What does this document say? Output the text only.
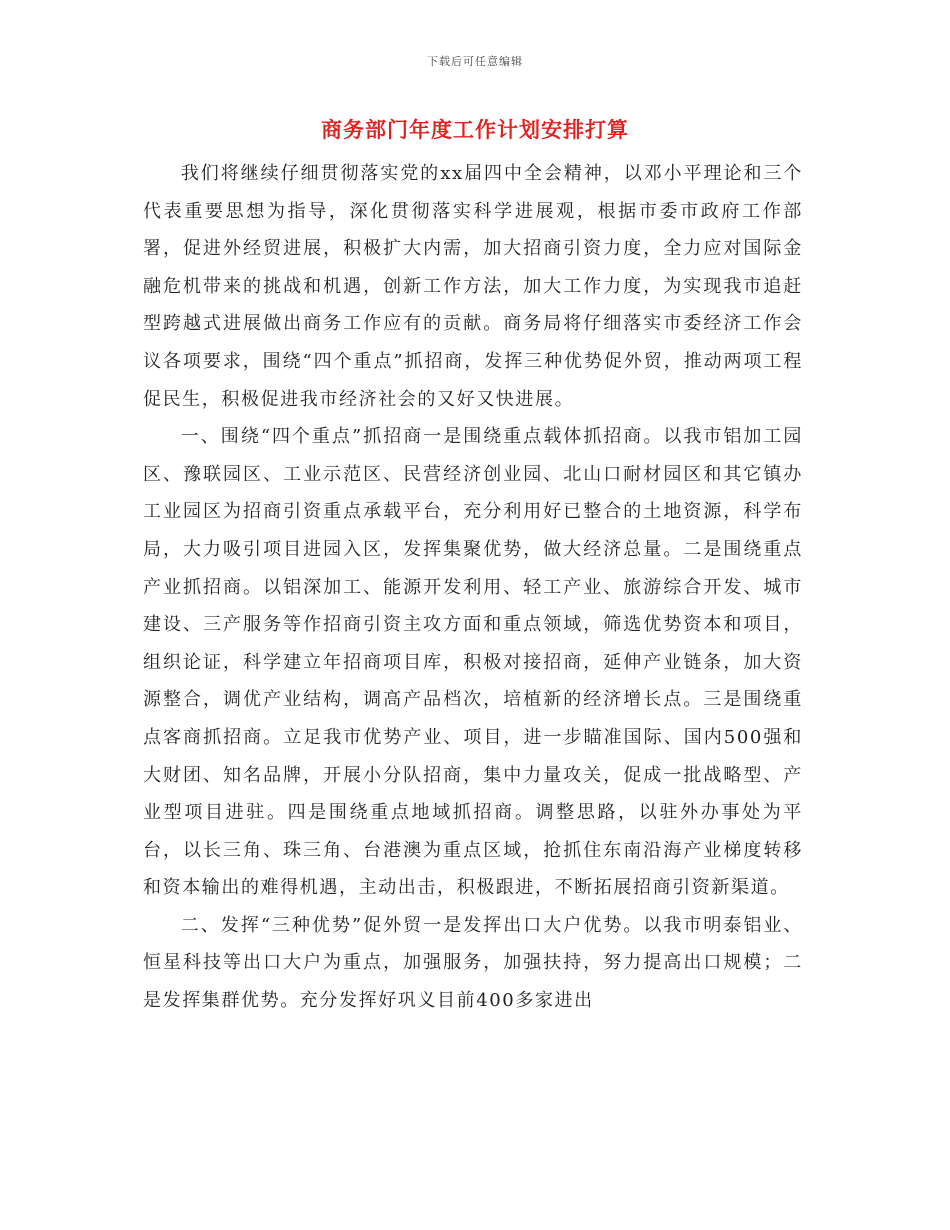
下载后可任意编辑
商务部门年度工作计划安排打算

我们将继续仔细贯彻落实党的xx届四中全会精神，以邓小平理论和三个代表重要思想为指导，深化贯彻落实科学进展观，根据市委市政府工作部署，促进外经贸进展，积极扩大内需，加大招商引资力度，全力应对国际金融危机带来的挑战和机遇，创新工作方法，加大工作力度，为实现我市追赶型跨越式进展做出商务工作应有的贡献。商务局将仔细落实市委经济工作会议各项要求，围绕“四个重点”抓招商，发挥三种优势促外贸，推动两项工程促民生，积极促进我市经济社会的又好又快进展。

一、围绕“四个重点”抓招商一是围绕重点载体抓招商。以我市铝加工园区、豫联园区、工业示范区、民营经济创业园、北山口耐材园区和其它镇办工业园区为招商引资重点承载平台，充分利用好已整合的土地资源，科学布局，大力吸引项目进园入区，发挥集聚优势，做大经济总量。二是围绕重点产业抓招商。以铝深加工、能源开发利用、轻工产业、旅游综合开发、城市建设、三产服务等作招商引资主攻方面和重点领域，筛选优势资本和项目，组织论证，科学建立年招商项目库，积极对接招商，延伸产业链条，加大资源整合，调优产业结构，调高产品档次，培植新的经济增长点。三是围绕重点客商抓招商。立足我市优势产业、项目，进一步瞄准国际、国内500强和大财团、知名品牌，开展小分队招商，集中力量攻关，促成一批战略型、产业型项目进驻。四是围绕重点地域抓招商。调整思路，以驻外办事处为平台，以长三角、珠三角、台港澳为重点区域，抢抓住东南沿海产业梯度转移和资本输出的难得机遇，主动出击，积极跟进，不断拓展招商引资新渠道。

二、发挥“三种优势”促外贸一是发挥出口大户优势。以我市明泰铝业、恒星科技等出口大户为重点，加强服务，加强扶持，努力提高出口规模；二是发挥集群优势。充分发挥好巩义目前400多家进出
